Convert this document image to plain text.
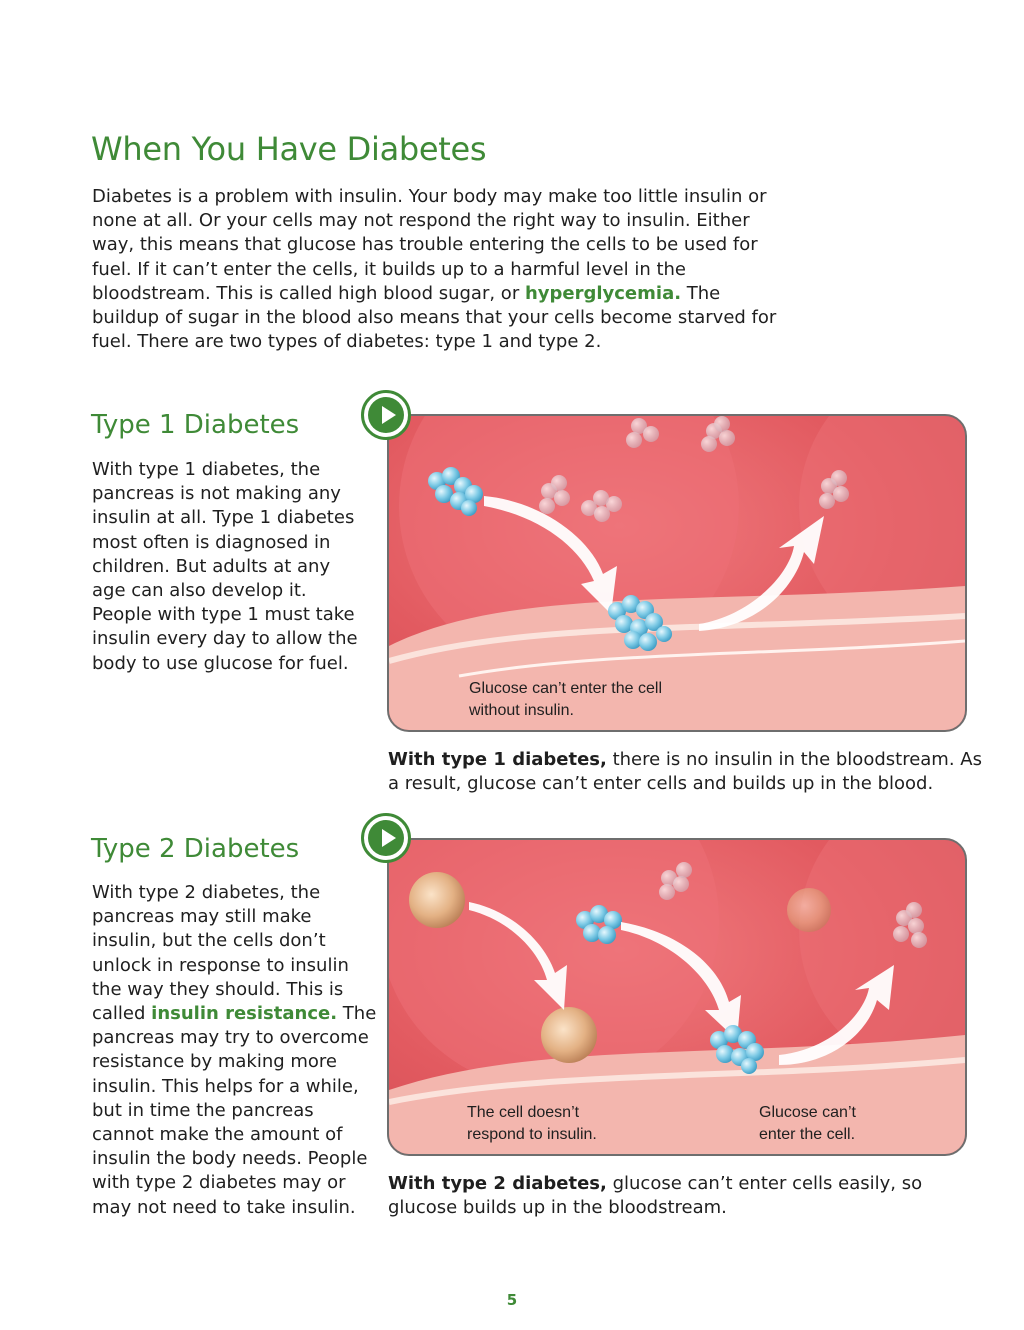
When You Have Diabetes

Diabetes is a problem with insulin. Your body may make too little insulin or none at all. Or your cells may not respond the right way to insulin. Either way, this means that glucose has trouble entering the cells to be used for fuel. If it can’t enter the cells, it builds up to a harmful level in the bloodstream. This is called high blood sugar, or hyperglycemia. The buildup of sugar in the blood also means that your cells become starved for fuel. There are two types of diabetes: type 1 and type 2.

Type 1 Diabetes

With type 1 diabetes, the pancreas is not making any insulin at all. Type 1 diabetes most often is diagnosed in children. But adults at any age can also develop it. People with type 1 must take insulin every day to allow the body to use glucose for fuel.

Glucose can’t enter the cell without insulin.

With type 1 diabetes, there is no insulin in the bloodstream. As a result, glucose can’t enter cells and builds up in the blood.

Type 2 Diabetes

With type 2 diabetes, the pancreas may still make insulin, but the cells don’t unlock in response to insulin the way they should. This is called insulin resistance. The pancreas may try to overcome resistance by making more insulin. This helps for a while, but in time the pancreas cannot make the amount of insulin the body needs. People with type 2 diabetes may or may not need to take insulin.

The cell doesn’t respond to insulin.
Glucose can’t enter the cell.

With type 2 diabetes, glucose can’t enter cells easily, so glucose builds up in the bloodstream.

5
